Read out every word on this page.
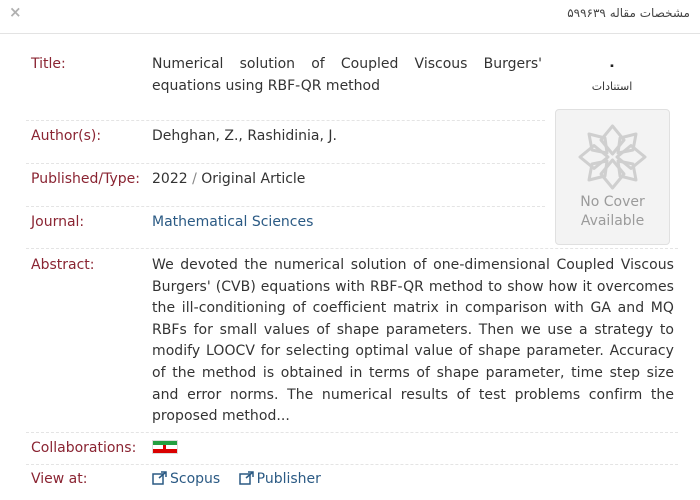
×	مشخصات مقاله ۵۹۹۶۳۹
Title:	Numerical solution of Coupled Viscous Burgers' equations using RBF-QR method
Author(s):	Dehghan, Z., Rashidinia, J.
Published/Type: 2022 / Original Article
Journal:	Mathematical Sciences
Abstract:	We devoted the numerical solution of one-dimensional Coupled Viscous Burgers' (CVB) equations with RBF-QR method to show how it overcomes the ill-conditioning of coefficient matrix in comparison with GA and MQ RBFs for small values of shape parameters. Then we use a strategy to modify LOOCV for selecting optimal value of shape parameter. Accuracy of the method is obtained in terms of shape parameter, time step size and error norms. The numerical results of test problems confirm the proposed method...
Collaborations:
View at:	Scopus	Publisher
۰
استنادات
No Cover
Available
